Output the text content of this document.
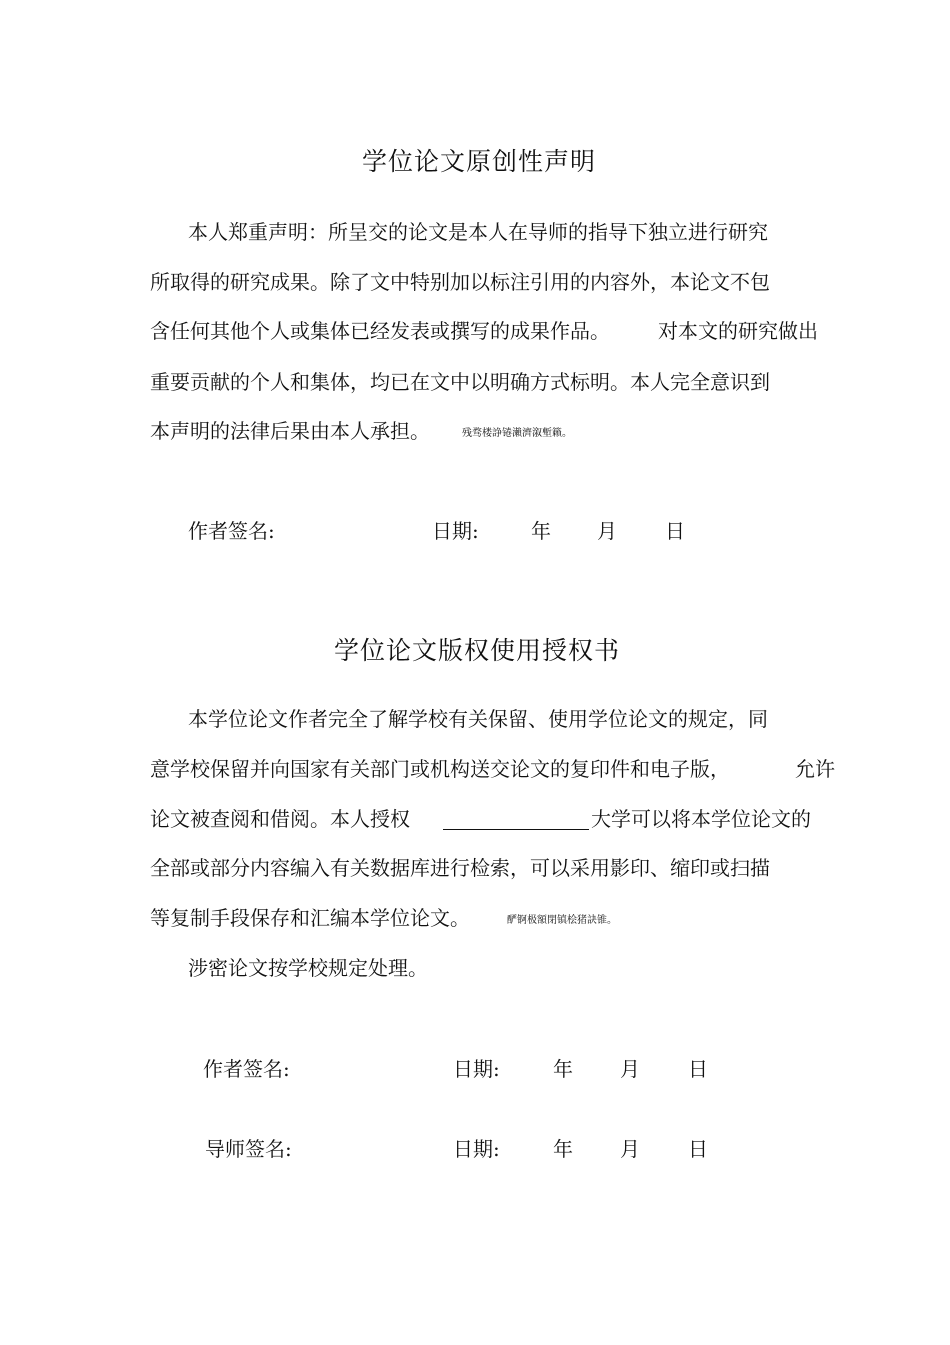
学位论文原创性声明
本人郑重声明：所呈交的论文是本人在导师的指导下独立进行研究
所取得的研究成果。除了文中特别加以标注引用的内容外，本论文不包
含任何其他个人或集体已经发表或撰写的成果作品。 对本文的研究做出
重要贡献的个人和集体，均已在文中以明确方式标明。本人完全意识到
本声明的法律后果由本人承担。	残骛楼諍锩瀨濟溆塹籟。
作者签名:	日期:	年 月 日
学位论文版权使用授权书
本学位论文作者完全了解学校有关保留、使用学位论文的规定，同
意学校保留并向国家有关部门或机构送交论文的复印件和电子版，	允许
论文被查阅和借阅。本人授权	大学可以将本学位论文的
全部或部分内容编入有关数据库进行检索，可以采用影印、缩印或扫描
等复制手段保存和汇编本学位论文。	酽锕极額閉镇桧猪訣锥。
涉密论文按学校规定处理。
作者签名:	日期:	年 月 日
导师签名:	日期:	年 月 日
